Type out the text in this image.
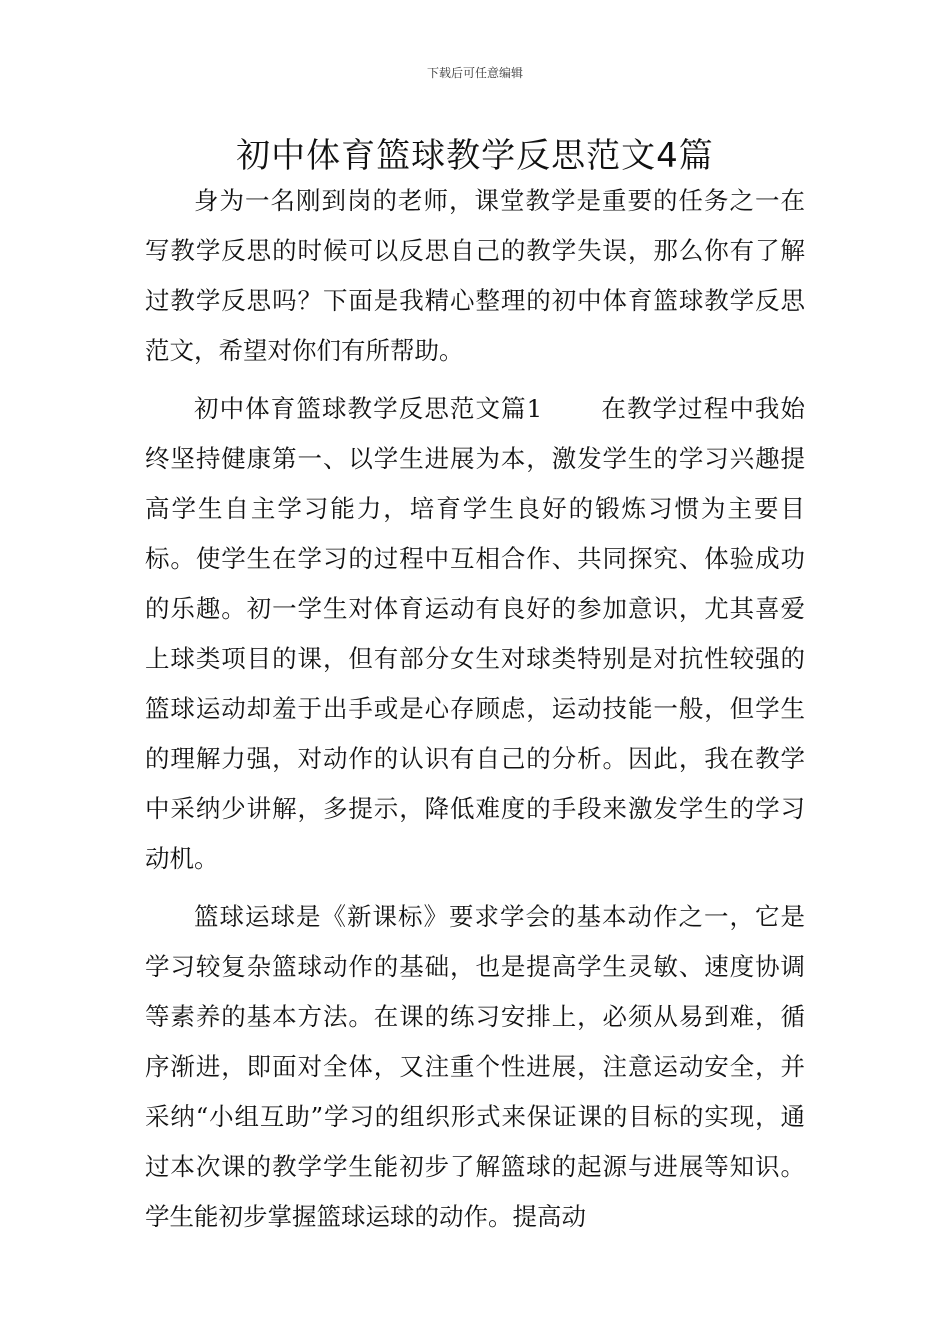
下载后可任意编辑
初中体育篮球教学反思范文4篇

身为一名刚到岗的老师，课堂教学是重要的任务之一在写教学反思的时候可以反思自己的教学失误，那么你有了解过教学反思吗？下面是我精心整理的初中体育篮球教学反思范文，希望对你们有所帮助。

初中体育篮球教学反思范文篇1 在教学过程中我始终坚持健康第一、以学生进展为本，激发学生的学习兴趣提高学生自主学习能力，培育学生良好的锻炼习惯为主要目标。使学生在学习的过程中互相合作、共同探究、体验成功的乐趣。初一学生对体育运动有良好的参加意识，尤其喜爱上球类项目的课，但有部分女生对球类特别是对抗性较强的篮球运动却羞于出手或是心存顾虑，运动技能一般，但学生的理解力强，对动作的认识有自己的分析。因此，我在教学中采纳少讲解，多提示，降低难度的手段来激发学生的学习动机。

篮球运球是《新课标》要求学会的基本动作之一，它是学习较复杂篮球动作的基础，也是提高学生灵敏、速度协调等素养的基本方法。在课的练习安排上，必须从易到难，循序渐进，即面对全体，又注重个性进展，注意运动安全，并采纳“小组互助”学习的组织形式来保证课的目标的实现，通过本次课的教学学生能初步了解篮球的起源与进展等知识。学生能初步掌握篮球运球的动作。提高动
